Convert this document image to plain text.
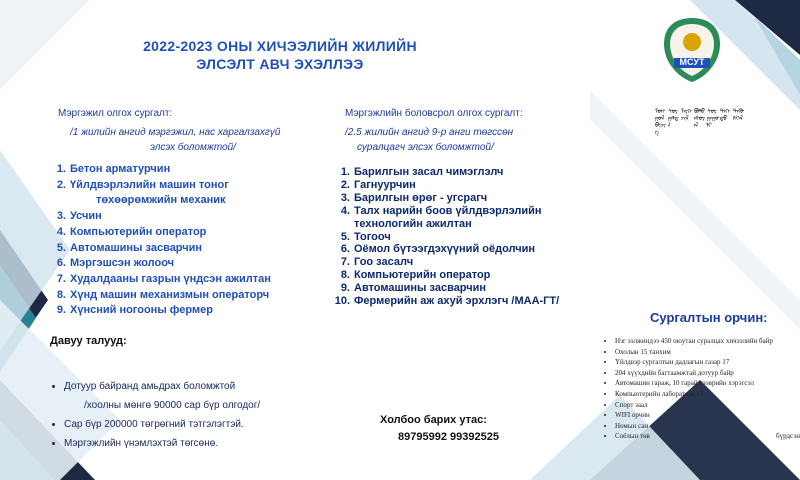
2022-2023 ОНЫ ХИЧЭЭЛИЙН ЖИЛИЙН
ЭЛСЭЛТ АВЧ ЭХЭЛЛЭЭ	МСУТ
ᠮᠣᠩᠭᠣᠯ ᠪᠢᠴᠢᠭ
ᠰᠤᠷᠭᠠᠯᠲᠠ
ᠮᠡᠷᠭᠡᠵᠢᠯ
ᠪᠣᠯᠪᠠᠰᠤᠷᠠᠯ
ᠰᠤᠷᠭᠠᠭᠤᠯᠢ
ᠳᠡᠭᠡᠳᠦ
ᠲᠡᠭᠦᠰᠬᠡᠯ
Мэргэжил олгох сургалт:
/1 жилийн ангид мэргэжил, нас харгалзахгүй
элсэх боломжтой/
1. Бетон арматурчин
2. Үйлдвэрлэлийн машин тоног
төхөөрөмжийн механик
3. Усчин
4. Компьютерийн оператор
5. Автомашины засварчин
6. Мэргэшсэн жолооч
7. Худалдааны газрын үндсэн ажилтан
8. Хүнд машин механизмын операторч
9. Хүнсний ногооны фермер
Мэргэжлийн боловсрол олгох сургалт:
/2.5 жилийн ангид 9-р анги төгссөн
суралцагч элсэх боломжтой/
1. Барилгын засал чимэглэлч
2. Гагнуурчин
3. Барилгын өрөг - угсрагч
4. Талх нарийн боов үйлдвэрлэлийн
технологийн ажилтан
5. Тогооч
6. Оёмол бүтээгдэхүүний оёдолчин
7. Гоо засалч
8. Компьютерийн оператор
9. Автомашины засварчин
10. Фермерийн аж ахуй эрхлэгч /МАА-ГТ/
Давуу талууд:
• Дотуур байранд амьдрах боломжтой
/хоолны мөнгө 90000 сар бүр олгодог/
• Сар бүр 200000 төгрөгний тэтгэлэгтэй.
• Мэргэжлийн үнэмлэхтэй төгсөнө.
Холбоо барих утас:
89795992 99392525
Сургалтын орчин:
• Нэг ээлжиндээ 450 оюутан суралцах хичээлийн байр
• Охолын 15 танхим
• Үйлдвэр сургалтын дадлагын газар 17
• 204 хүүхдийн багтаамжтай дотуур байр
• Автомашин гараж, 10 гарай тээврийн хэрэгсэл
• Компьютерийн лаборатори -3
• Спорт заал
• WIFI орчин
• Номын сан
• Соёлын төв	бүрдсэн
